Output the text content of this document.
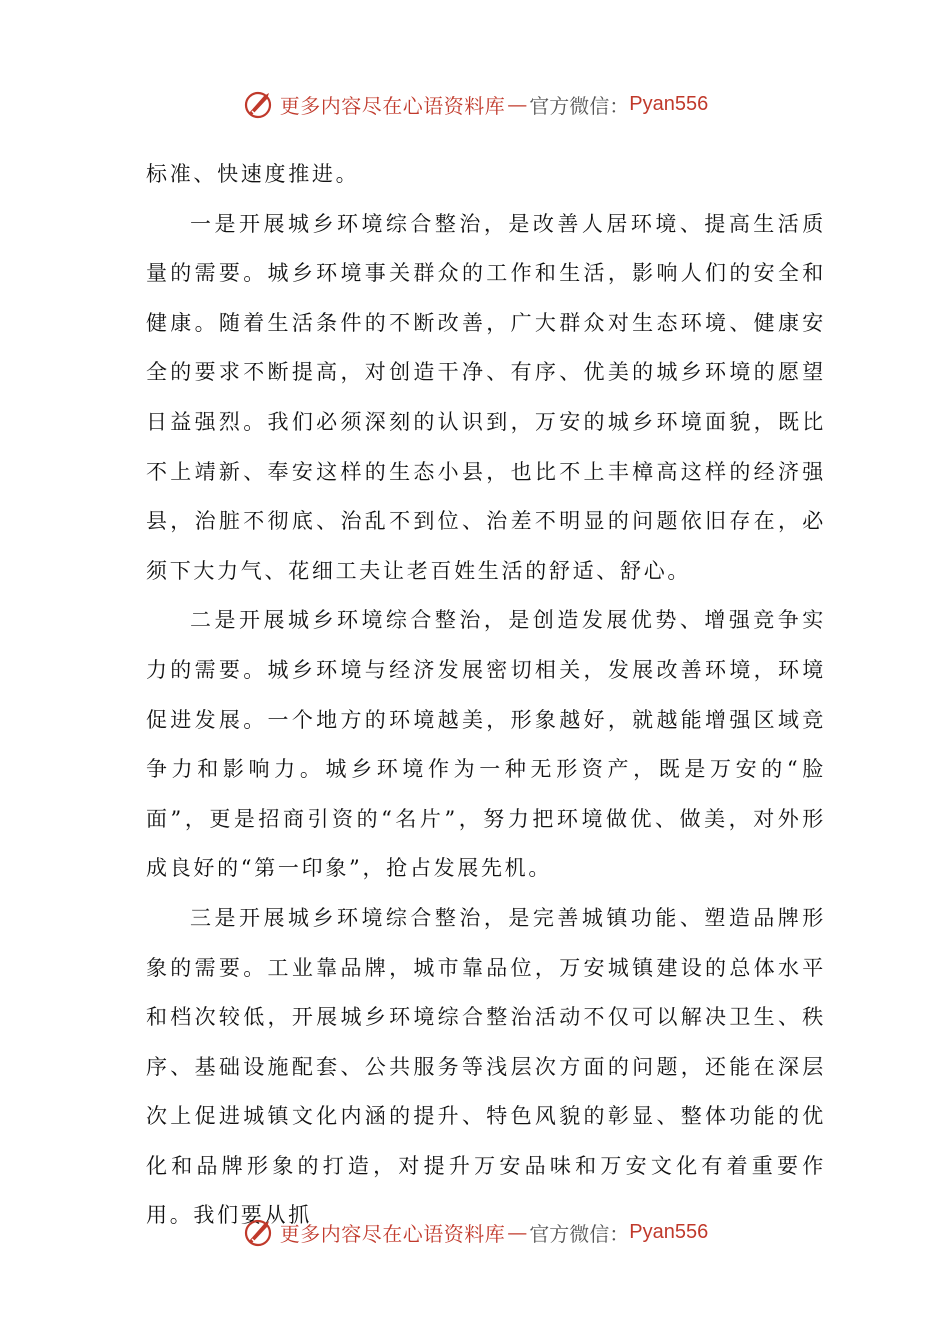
更多内容尽在心语资料库 — 官方微信： Pyan556

标准、快速度推进。

一是开展城乡环境综合整治，是改善人居环境、提高生活质量的需要。城乡环境事关群众的工作和生活，影响人们的安全和健康。随着生活条件的不断改善，广大群众对生态环境、健康安全的要求不断提高，对创造干净、有序、优美的城乡环境的愿望日益强烈。我们必须深刻的认识到，万安的城乡环境面貌，既比不上靖新、奉安这样的生态小县，也比不上丰樟高这样的经济强县，治脏不彻底、治乱不到位、治差不明显的问题依旧存在，必须下大力气、花细工夫让老百姓生活的舒适、舒心。

二是开展城乡环境综合整治，是创造发展优势、增强竞争实力的需要。城乡环境与经济发展密切相关，发展改善环境，环境促进发展。一个地方的环境越美，形象越好，就越能增强区域竞争力和影响力。城乡环境作为一种无形资产，既是万安的“脸面”，更是招商引资的“名片”，努力把环境做优、做美，对外形成良好的“第一印象”，抢占发展先机。

三是开展城乡环境综合整治，是完善城镇功能、塑造品牌形象的需要。工业靠品牌，城市靠品位，万安城镇建设的总体水平和档次较低，开展城乡环境综合整治活动不仅可以解决卫生、秩序、基础设施配套、公共服务等浅层次方面的问题，还能在深层次上促进城镇文化内涵的提升、特色风貌的彰显、整体功能的优化和品牌形象的打造，对提升万安品味和万安文化有着重要作用。我们要从抓

更多内容尽在心语资料库 — 官方微信： Pyan556
